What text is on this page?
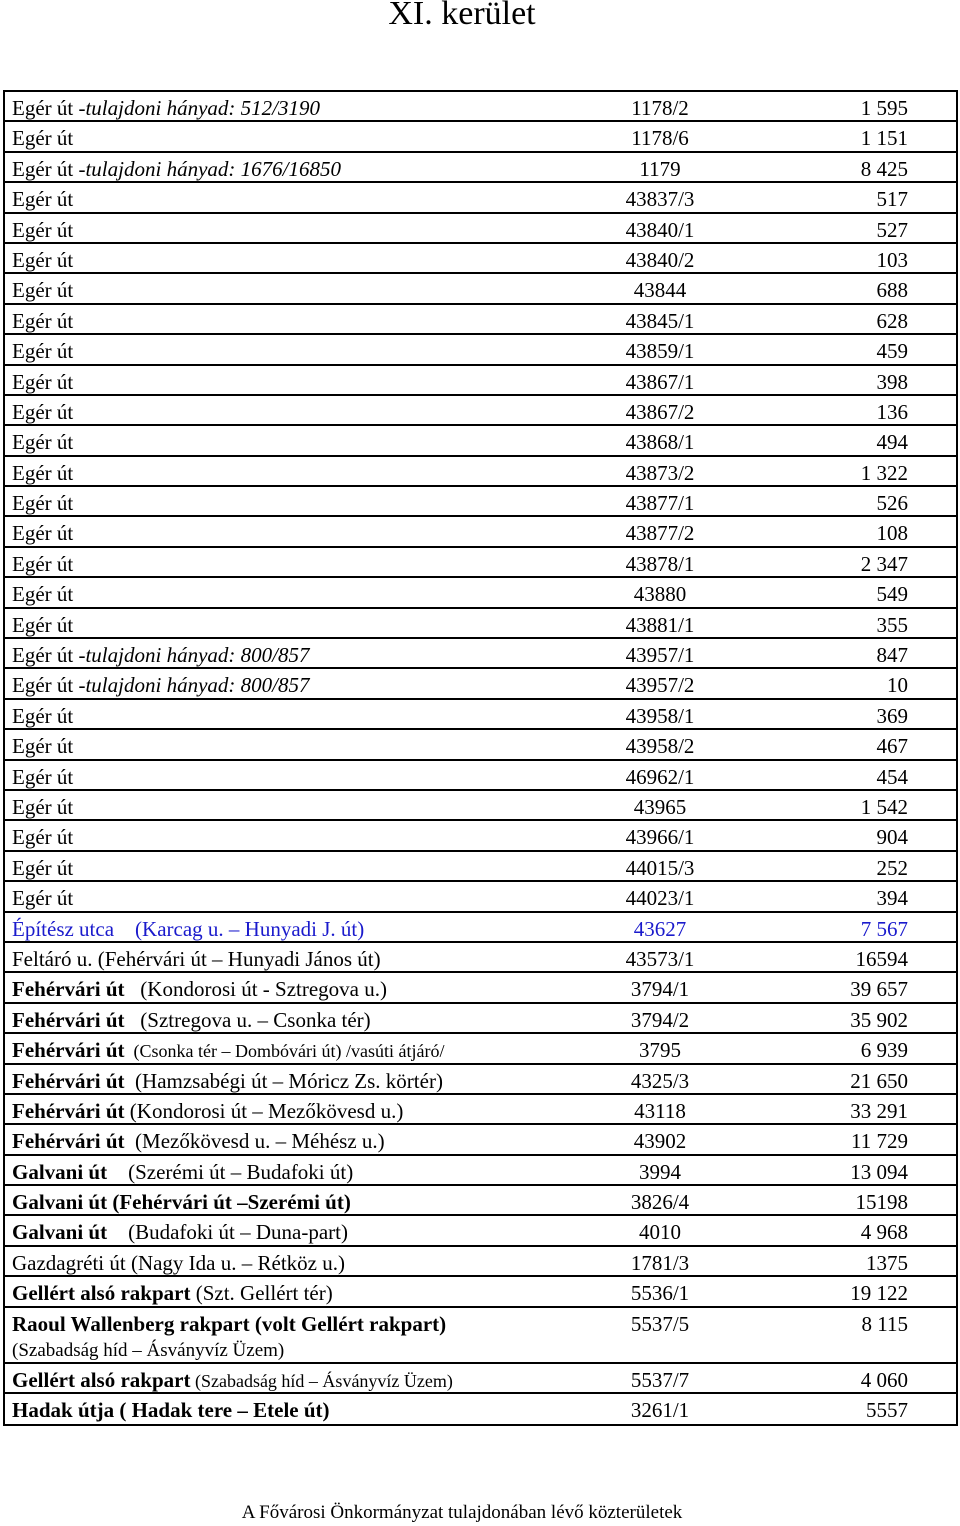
XI. kerület
Egér út -tulajdoni hányad: 512/3190	1178/2	1 595
Egér út	1178/6	1 151
Egér út -tulajdoni hányad: 1676/16850	1179	8 425
Egér út	43837/3	517
Egér út	43840/1	527
Egér út	43840/2	103
Egér út	43844	688
Egér út	43845/1	628
Egér út	43859/1	459
Egér út	43867/1	398
Egér út	43867/2	136
Egér út	43868/1	494
Egér út	43873/2	1 322
Egér út	43877/1	526
Egér út	43877/2	108
Egér út	43878/1	2 347
Egér út	43880	549
Egér út	43881/1	355
Egér út -tulajdoni hányad: 800/857	43957/1	847
Egér út -tulajdoni hányad: 800/857	43957/2	10
Egér út	43958/1	369
Egér út	43958/2	467
Egér út	46962/1	454
Egér út	43965	1 542
Egér út	43966/1	904
Egér út	44015/3	252
Egér út	44023/1	394
Építész utca    (Karcag u. – Hunyadi J. út)	43627	7 567
Feltáró u. (Fehérvári út – Hunyadi János út)	43573/1	16594
Fehérvári út   (Kondorosi út - Sztregova u.)	3794/1	39 657
Fehérvári út   (Sztregova u. – Csonka tér)	3794/2	35 902
Fehérvári út  (Csonka tér – Dombóvári út) /vasúti átjáró/	3795	6 939
Fehérvári út  (Hamzsabégi út – Móricz Zs. körtér)	4325/3	21 650
Fehérvári út (Kondorosi út – Mezőkövesd u.)	43118	33 291
Fehérvári út  (Mezőkövesd u. – Méhész u.)	43902	11 729
Galvani út    (Szerémi út – Budafoki út)	3994	13 094
Galvani út (Fehérvári út –Szerémi út)	3826/4	15198
Galvani út    (Budafoki út – Duna-part)	4010	4 968
Gazdagréti út (Nagy Ida u. – Rétköz u.)	1781/3	1375
Gellért alsó rakpart (Szt. Gellért tér)	5536/1	19 122
Raoul Wallenberg rakpart (volt Gellért rakpart)
(Szabadság híd – Ásványvíz Üzem)
5537/5	8 115
Gellért alsó rakpart (Szabadság híd – Ásványvíz Üzem)	5537/7	4 060
Hadak útja ( Hadak tere – Etele út)	3261/1	5557
A Fővárosi Önkormányzat tulajdonában lévő közterületek
